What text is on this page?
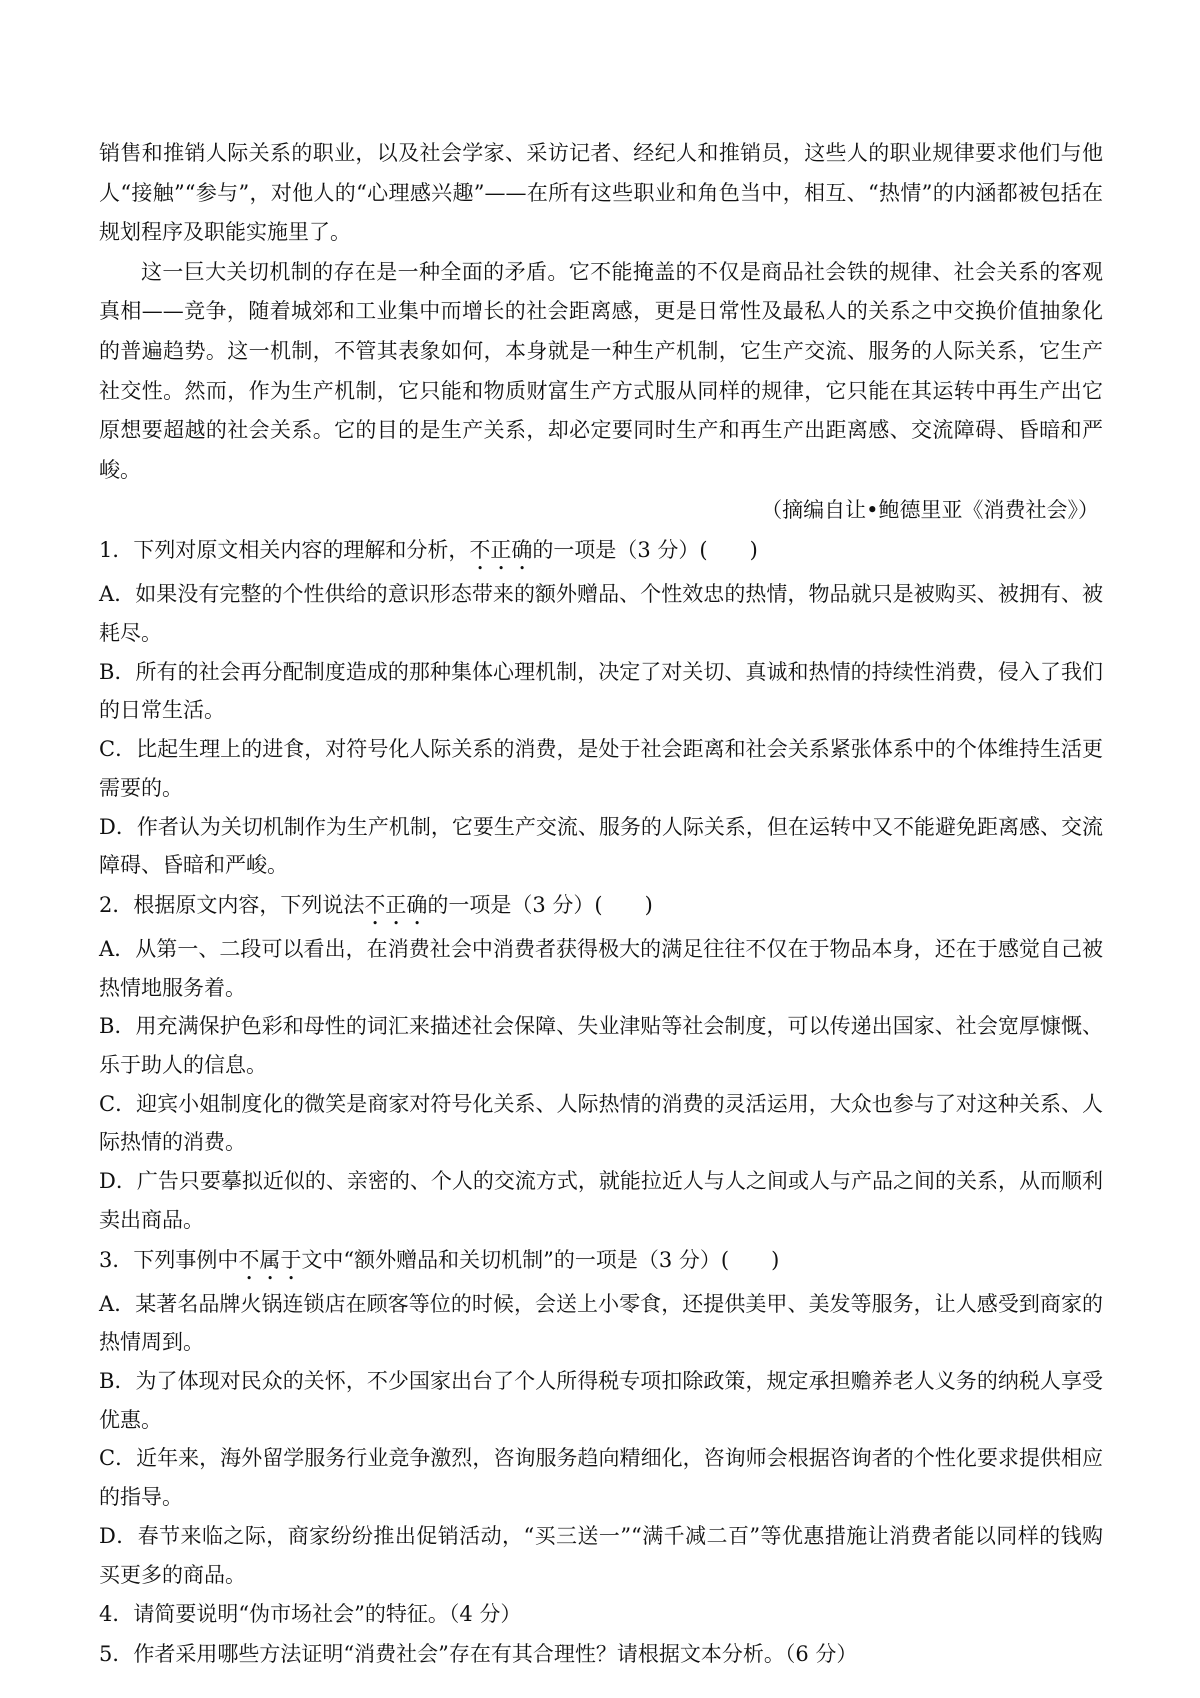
销售和推销人际关系的职业，以及社会学家、采访记者、经纪人和推销员，这些人的职业规律要求他们与他人“接触”“参与”，对他人的“心理感兴趣”——在所有这些职业和角色当中，相互、“热情”的内涵都被包括在规划程序及职能实施里了。

这一巨大关切机制的存在是一种全面的矛盾。它不能掩盖的不仅是商品社会铁的规律、社会关系的客观真相——竞争，随着城郊和工业集中而增长的社会距离感，更是日常性及最私人的关系之中交换价值抽象化的普遍趋势。这一机制，不管其表象如何，本身就是一种生产机制，它生产交流、服务的人际关系，它生产社交性。然而，作为生产机制，它只能和物质财富生产方式服从同样的规律，它只能在其运转中再生产出它原想要超越的社会关系。它的目的是生产关系，却必定要同时生产和再生产出距离感、交流障碍、昏暗和严峻。

（摘编自让•鲍德里亚《消费社会》）

1．下列对原文相关内容的理解和分析，不正确的一项是（3 分）(　　)

A．如果没有完整的个性供给的意识形态带来的额外赠品、个性效忠的热情，物品就只是被购买、被拥有、被耗尽。

B．所有的社会再分配制度造成的那种集体心理机制，决定了对关切、真诚和热情的持续性消费，侵入了我们的日常生活。

C．比起生理上的进食，对符号化人际关系的消费，是处于社会距离和社会关系紧张体系中的个体维持生活更需要的。

D．作者认为关切机制作为生产机制，它要生产交流、服务的人际关系，但在运转中又不能避免距离感、交流障碍、昏暗和严峻。

2．根据原文内容，下列说法不正确的一项是（3 分）(　　)

A．从第一、二段可以看出，在消费社会中消费者获得极大的满足往往不仅在于物品本身，还在于感觉自己被热情地服务着。

B．用充满保护色彩和母性的词汇来描述社会保障、失业津贴等社会制度，可以传递出国家、社会宽厚慷慨、乐于助人的信息。

C．迎宾小姐制度化的微笑是商家对符号化关系、人际热情的消费的灵活运用，大众也参与了对这种关系、人际热情的消费。

D．广告只要摹拟近似的、亲密的、个人的交流方式，就能拉近人与人之间或人与产品之间的关系，从而顺利卖出商品。

3．下列事例中不属于文中“额外赠品和关切机制”的一项是（3 分）(　　)

A．某著名品牌火锅连锁店在顾客等位的时候，会送上小零食，还提供美甲、美发等服务，让人感受到商家的热情周到。

B．为了体现对民众的关怀，不少国家出台了个人所得税专项扣除政策，规定承担赡养老人义务的纳税人享受优惠。

C．近年来，海外留学服务行业竞争激烈，咨询服务趋向精细化，咨询师会根据咨询者的个性化要求提供相应的指导。

D．春节来临之际，商家纷纷推出促销活动，“买三送一”“满千减二百”等优惠措施让消费者能以同样的钱购买更多的商品。

4．请简要说明“伪市场社会”的特征。（4 分）

5．作者采用哪些方法证明“消费社会”存在有其合理性？请根据文本分析。（6 分）
